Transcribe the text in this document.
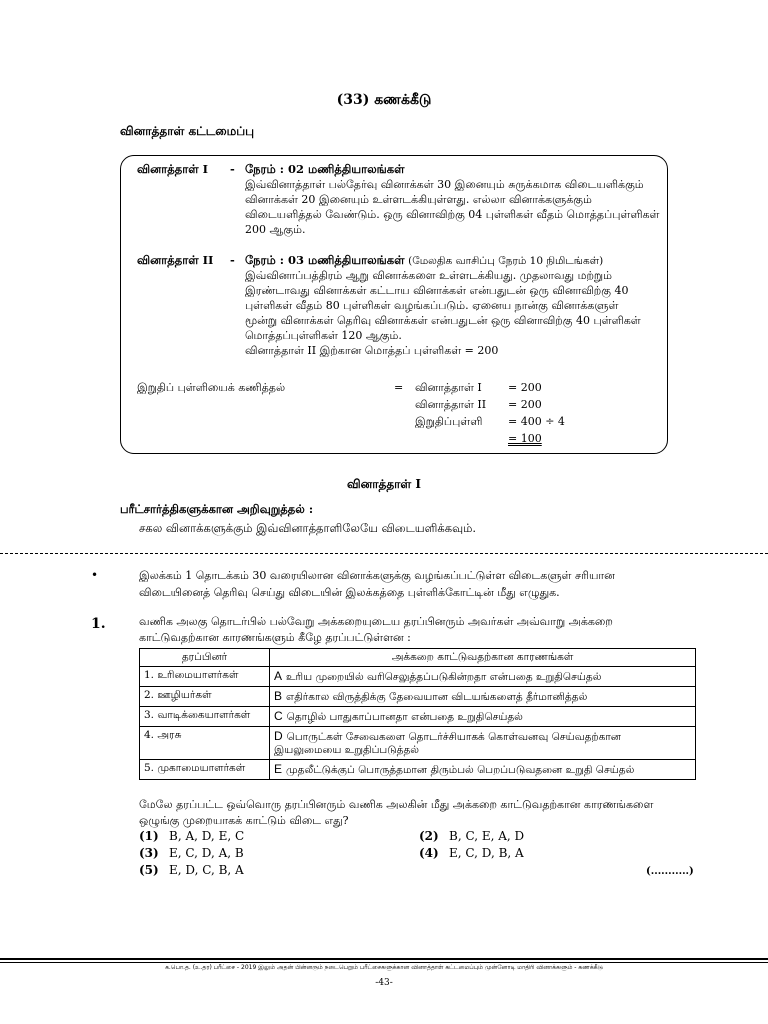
(33) கணக்கீடு
வினாத்தாள் கட்டமைப்பு
வினாத்தாள் I - நேரம் : 02 மணித்தியாலங்கள்
இவ்வினாத்தாள் பல்தேர்வு வினாக்கள் 30 இனையும் சுருக்கமாக விடையளிக்கும்
வினாக்கள் 20 இனையும் உள்ளடக்கியுள்ளது. எல்லா வினாக்களுக்கும்
விடையளித்தல் வேண்டும். ஒரு வினாவிற்கு 04 புள்ளிகள் வீதம் மொத்தப்புள்ளிகள்
200 ஆகும்.
வினாத்தாள் II - நேரம் : 03 மணித்தியாலங்கள் (மேலதிக வாசிப்பு நேரம் 10 நிமிடங்கள்)
இவ்வினாப்பத்திரம் ஆறு வினாக்களை உள்ளடக்கியது. முதலாவது மற்றும்
இரண்டாவது வினாக்கள் கட்டாய வினாக்கள் என்பதுடன் ஒரு வினாவிற்கு 40
புள்ளிகள் வீதம் 80 புள்ளிகள் வழங்கப்படும். ஏனைய நான்கு வினாக்களுள்
மூன்று வினாக்கள் தெரிவு வினாக்கள் என்பதுடன் ஒரு வினாவிற்கு 40 புள்ளிகள்
மொத்தப்புள்ளிகள் 120 ஆகும்.
வினாத்தாள் II இற்கான மொத்தப் புள்ளிகள் = 200
இறுதிப் புள்ளியைக் கணித்தல்	= வினாத்தாள் I = 200
வினாத்தாள் II = 200
இறுதிப்புள்ளி = 400 ÷ 4
= 100
வினாத்தாள் I
பரீட்சார்த்திகளுக்கான அறிவுறுத்தல் :
சகல வினாக்களுக்கும் இவ்வினாத்தாளிலேயே விடையளிக்கவும்.
•	இலக்கம் 1 தொடக்கம் 30 வரையிலான வினாக்களுக்கு வழங்கப்பட்டுள்ள விடைகளுள் சரியான
விடையினைத் தெரிவு செய்து விடையின் இலக்கத்தை புள்ளிக்கோட்டின் மீது எழுதுக.
1.	வணிக அலகு தொடர்பில் பல்வேறு அக்கறையுடைய தரப்பினரும் அவர்கள் அவ்வாறு அக்கறை
காட்டுவதற்கான காரணங்களும் கீழே தரப்பட்டுள்ளன :
தரப்பினர்	அக்கறை காட்டுவதற்கான காரணங்கள்
1. உரிமையாளர்கள்	A உரிய முறையில் வரிசெலுத்தப்படுகின்றதா என்பதை உறுதிசெய்தல்
2. ஊழியர்கள்	B எதிர்கால விருத்திக்கு தேவையான விடயங்களைத் தீர்மானித்தல்
3. வாடிக்கையாளர்கள்	C தொழில் பாதுகாப்பானதா என்பதை உறுதிசெய்தல்
4. அரசு	D பொருட்கள் சேவைகளை தொடர்ச்சியாகக் கொள்வனவு செய்வதற்கான இயலுமையை உறுதிப்படுத்தல்
5. முகாமையாளர்கள்	E முதலீட்டுக்குப் பொருத்தமான திரும்பல் பெறப்படுவதனை உறுதி செய்தல்
மேலே தரப்பட்ட ஒவ்வொரு தரப்பினரும் வணிக அலகின் மீது அக்கறை காட்டுவதற்கான காரணங்களை
ஒழுங்கு முறையாகக் காட்டும் விடை எது?
(1) B, A, D, E, C	(2) B, C, E, A, D
(3) E, C, D, A, B	(4) E, C, D, B, A
(5) E, D, C, B, A	(...........)
க.பொ.த. (உ.தர) பரீட்சை - 2019 இலும் அதன் பின்னரும் நடைபெறும் பரீட்சைகளுக்கான வினாத்தாள் கட்டமைப்பும் முன்னோடி மாதிரி வினாக்களும் - கணக்கீடு
-43-
